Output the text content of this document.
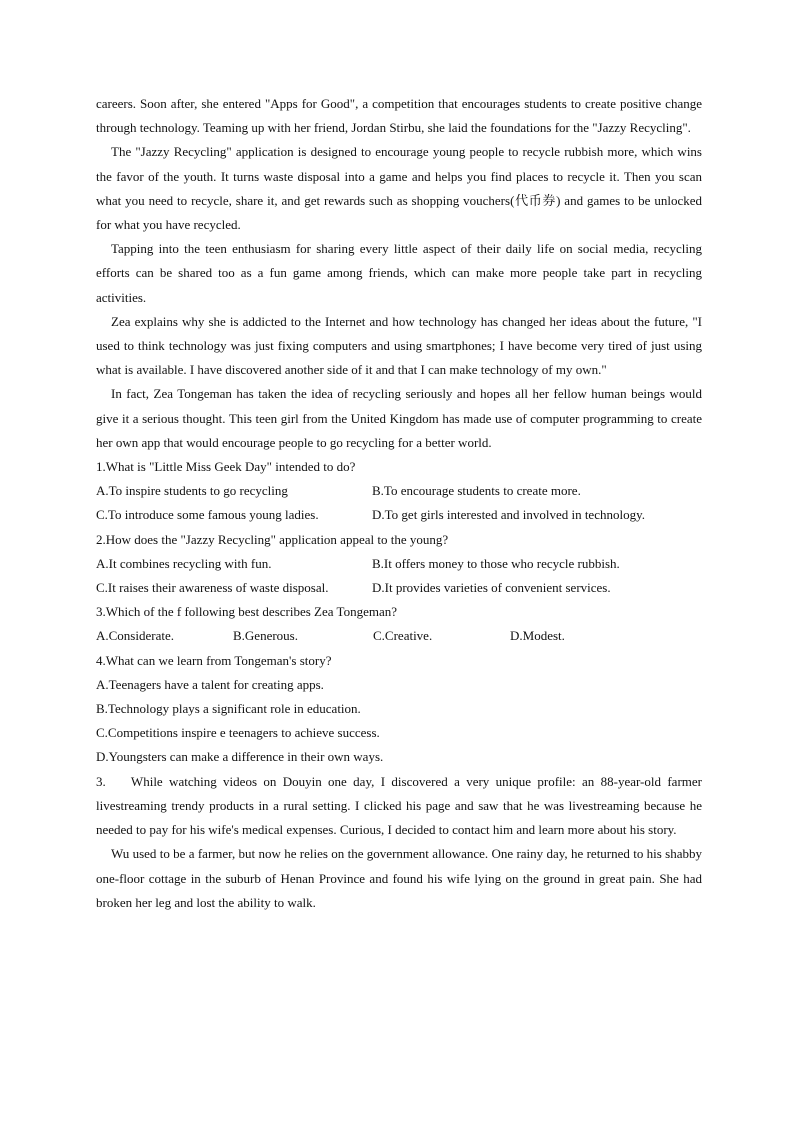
careers. Soon after, she entered "Apps for Good", a competition that encourages students to create positive change through technology. Teaming up with her friend, Jordan Stirbu, she laid the foundations for the "Jazzy Recycling".

The "Jazzy Recycling" application is designed to encourage young people to recycle rubbish more, which wins the favor of the youth. It turns waste disposal into a game and helps you find places to recycle it. Then you scan what you need to recycle, share it, and get rewards such as shopping vouchers(代币券) and games to be unlocked for what you have recycled.

Tapping into the teen enthusiasm for sharing every little aspect of their daily life on social media, recycling efforts can be shared too as a fun game among friends, which can make more people take part in recycling activities.

Zea explains why she is addicted to the Internet and how technology has changed her ideas about the future, "I used to think technology was just fixing computers and using smartphones; I have become very tired of just using what is available. I have discovered another side of it and that I can make technology of my own."

In fact, Zea Tongeman has taken the idea of recycling seriously and hopes all her fellow human beings would give it a serious thought. This teen girl from the United Kingdom has made use of computer programming to create her own app that would encourage people to go recycling for a better world.

1.What is "Little Miss Geek Day" intended to do?

A.To inspire students to go recycling	B.To encourage students to create more.
C.To introduce some famous young ladies.	D.To get girls interested and involved in technology.

2.How does the "Jazzy Recycling" application appeal to the young?

A.It combines recycling with fun.	B.It offers money to those who recycle rubbish.
C.It raises their awareness of waste disposal.	D.It provides varieties of convenient services.

3.Which of the f following best describes Zea Tongeman?

A.Considerate.	B.Generous.	C.Creative.	D.Modest.

4.What can we learn from Tongeman's story?

A.Teenagers have a talent for creating apps.

B.Technology plays a significant role in education.

C.Competitions inspire e teenagers to achieve success.

D.Youngsters can make a difference in their own ways.

3.    While watching videos on Douyin one day, I discovered a very unique profile: an 88-year-old farmer livestreaming trendy products in a rural setting. I clicked his page and saw that he was livestreaming because he needed to pay for his wife's medical expenses. Curious, I decided to contact him and learn more about his story.

Wu used to be a farmer, but now he relies on the government allowance. One rainy day, he returned to his shabby one-floor cottage in the suburb of Henan Province and found his wife lying on the ground in great pain. She had broken her leg and lost the ability to walk.
